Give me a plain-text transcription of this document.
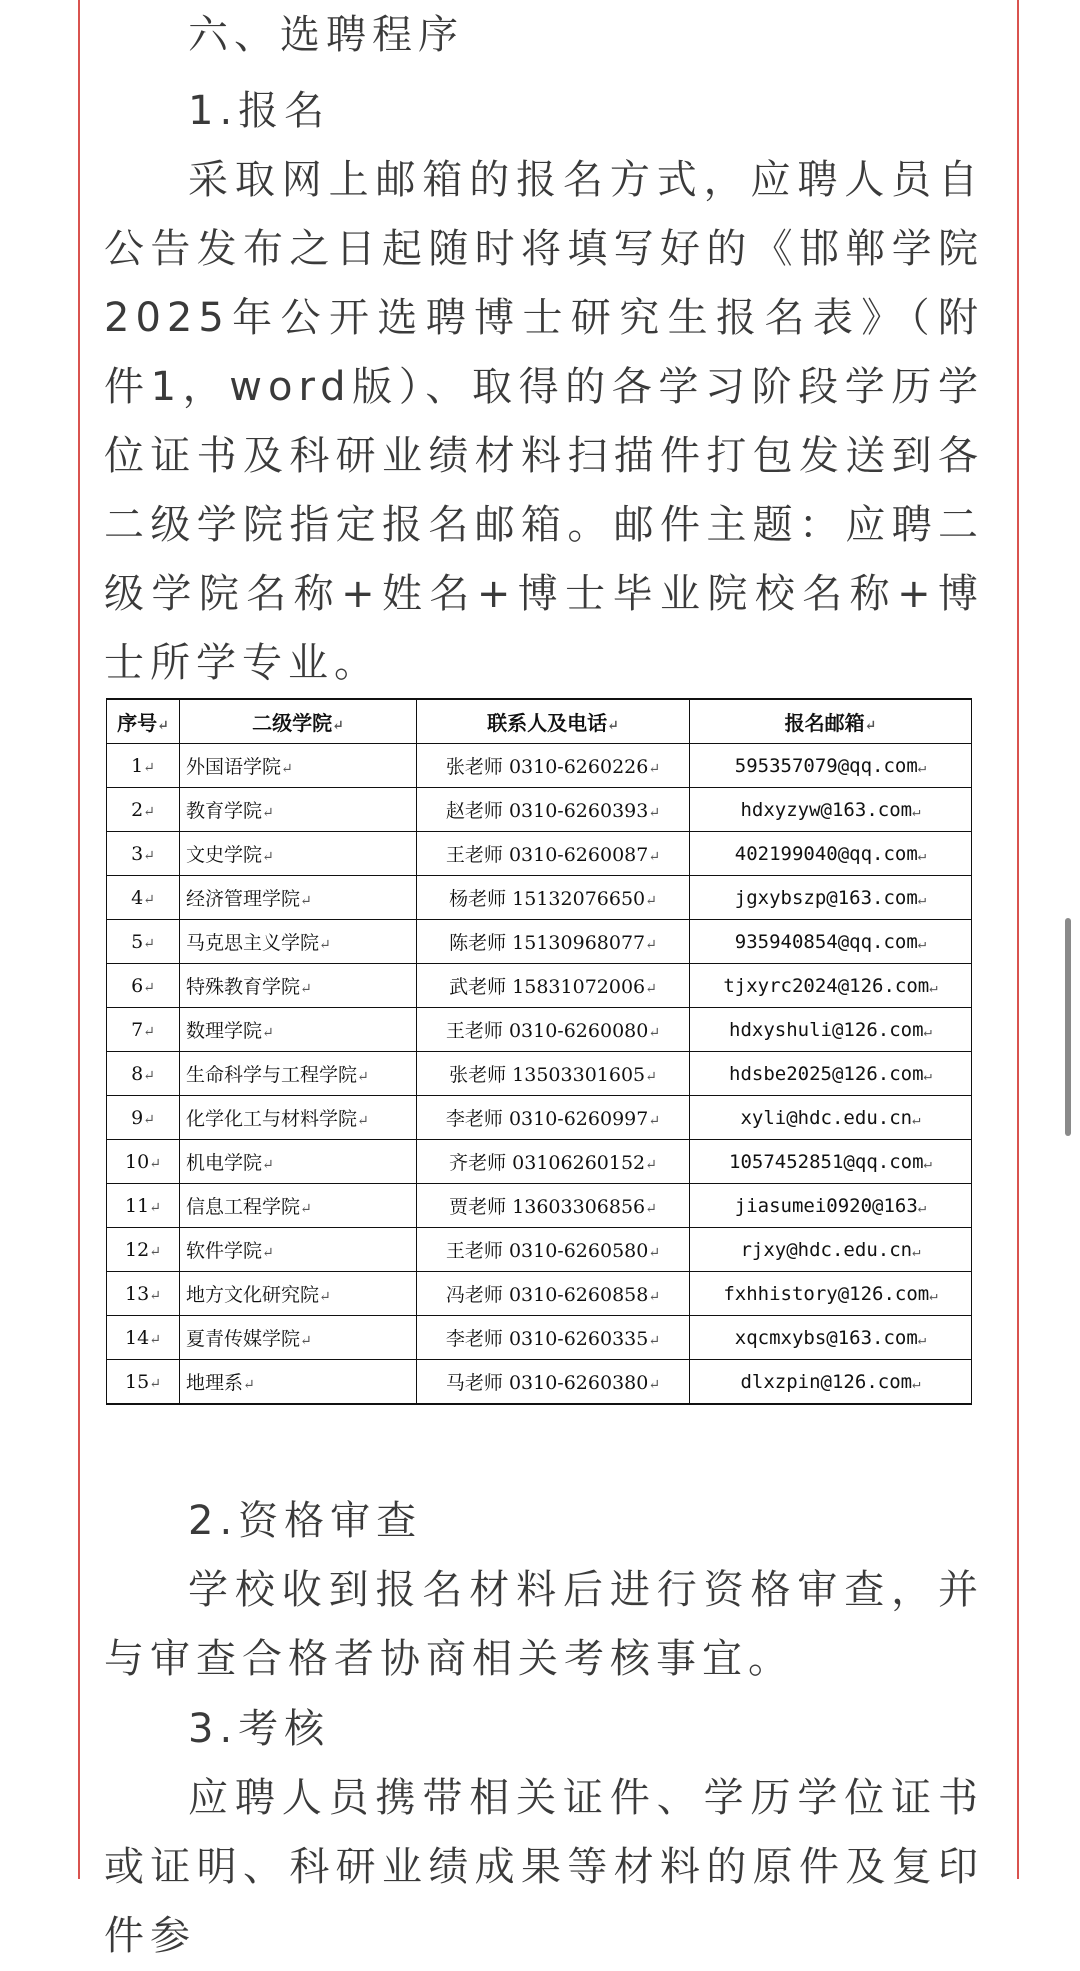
六、选聘程序
1.报名

采取网上邮箱的报名方式，应聘人员自公告发布之日起随时将填写好的《邯郸学院2025年公开选聘博士研究生报名表》（附件1，word版）、取得的各学习阶段学历学位证书及科研业绩材料扫描件打包发送到各二级学院指定报名邮箱。邮件主题：应聘二级学院名称+姓名+博士毕业院校名称+博士所学专业。

序号↵	二级学院↵	联系人及电话↵	报名邮箱↵
1↵	外国语学院↵	张老师 0310-6260226↵	595357079@qq.com↵
2↵	教育学院↵	赵老师 0310-6260393↵	hdxyzyw@163.com↵
3↵	文史学院↵	王老师 0310-6260087↵	402199040@qq.com↵
4↵	经济管理学院↵	杨老师 15132076650↵	jgxybszp@163.com↵
5↵	马克思主义学院↵	陈老师 15130968077↵	935940854@qq.com↵
6↵	特殊教育学院↵	武老师 15831072006↵	tjxyrc2024@126.com↵
7↵	数理学院↵	王老师 0310-6260080↵	hdxyshuli@126.com↵
8↵	生命科学与工程学院↵	张老师 13503301605↵	hdsbe2025@126.com↵
9↵	化学化工与材料学院↵	李老师 0310-6260997↵	xyli@hdc.edu.cn↵
10↵	机电学院↵	齐老师 03106260152↵	1057452851@qq.com↵
11↵	信息工程学院↵	贾老师 13603306856↵	jiasumei0920@163↵
12↵	软件学院↵	王老师 0310-6260580↵	rjxy@hdc.edu.cn↵
13↵	地方文化研究院↵	冯老师 0310-6260858↵	fxhhistory@126.com↵
14↵	夏青传媒学院↵	李老师 0310-6260335↵	xqcmxybs@163.com↵
15↵	地理系↵	马老师 0310-6260380↵	dlxzpin@126.com↵
2.资格审查

学校收到报名材料后进行资格审查，并与审查合格者协商相关考核事宜。

3.考核

应聘人员携带相关证件、学历学位证书或证明、科研业绩成果等材料的原件及复印件参
